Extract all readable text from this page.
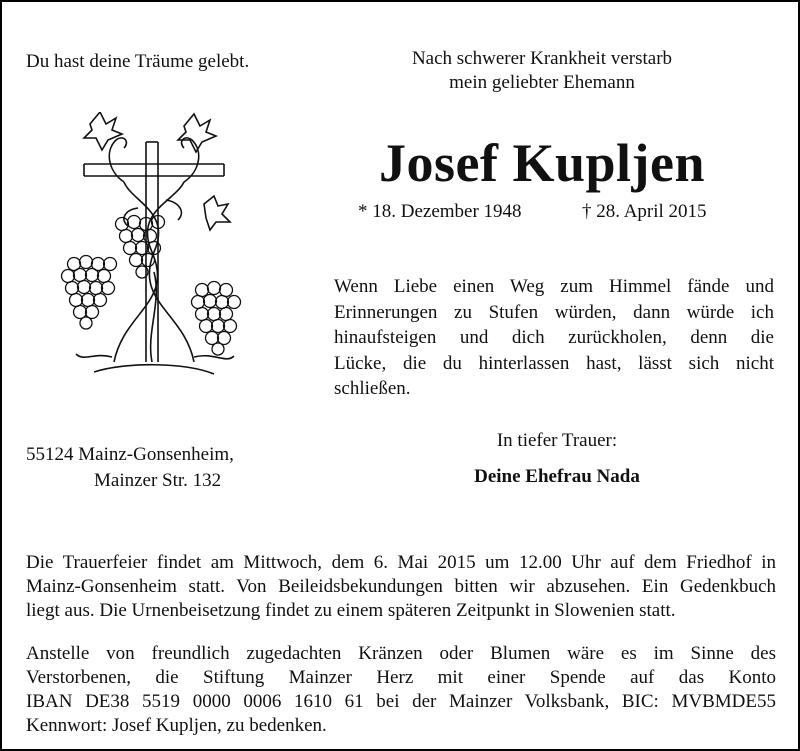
Du hast deine Träume gelebt.	Nach schwerer Krankheit verstarb
mein geliebter Ehemann
Josef Kupljen
* 18. Dezember 1948	† 28. April 2015
Wenn Liebe einen Weg zum Himmel fände und
Erinnerungen zu Stufen würden, dann würde ich
hinaufsteigen und dich zurückholen, denn die
Lücke, die du hinterlassen hast, lässt sich nicht
schließen.
55124 Mainz-Gonsenheim,
Mainzer Str. 132
In tiefer Trauer:
Deine Ehefrau Nada
Die Trauerfeier findet am Mittwoch, dem 6. Mai 2015 um 12.00 Uhr auf dem Friedhof in
Mainz-Gonsenheim statt. Von Beileidsbekundungen bitten wir abzusehen. Ein Gedenkbuch
liegt aus. Die Urnenbeisetzung findet zu einem späteren Zeitpunkt in Slowenien statt.
Anstelle von freundlich zugedachten Kränzen oder Blumen wäre es im Sinne des
Verstorbenen, die Stiftung Mainzer Herz mit einer Spende auf das Konto
IBAN DE38 5519 0000 0006 1610 61 bei der Mainzer Volksbank, BIC: MVBMDE55
Kennwort: Josef Kupljen, zu bedenken.
